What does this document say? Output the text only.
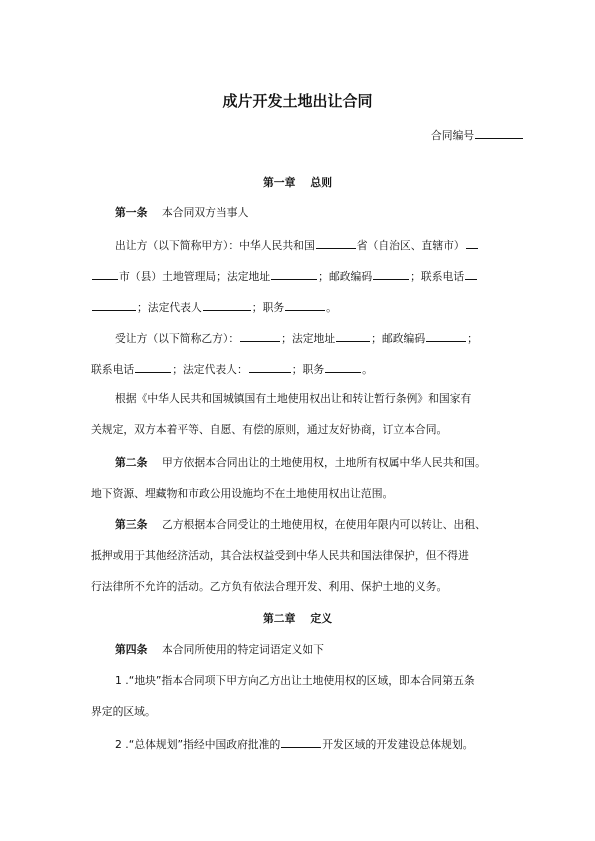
成片开发土地出让合同
合同编号
第一章 总则
第一条 本合同双方当事人
出让方（以下简称甲方）：中华人民共和国	省（自治区、直辖市）
市（县）土地管理局；法定地址	；邮政编码	；联系电话
；法定代表人	；职务	。
受让方（以下简称乙方）：	；法定地址	；邮政编码	；
联系电话	；法定代表人：	；职务	。
根据《中华人民共和国城镇国有土地使用权出让和转让暂行条例》和国家有
关规定，双方本着平等、自愿、有偿的原则，通过友好协商，订立本合同。
第二条 甲方依据本合同出让的土地使用权，土地所有权属中华人民共和国。
地下资源、埋藏物和市政公用设施均不在土地使用权出让范围。
第三条 乙方根据本合同受让的土地使用权，在使用年限内可以转让、出租、
抵押或用于其他经济活动，其合法权益受到中华人民共和国法律保护，但不得进
行法律所不允许的活动。乙方负有依法合理开发、利用、保护土地的义务。
第二章 定义
第四条 本合同所使用的特定词语定义如下
1 .“地块”指本合同项下甲方向乙方出让土地使用权的区域，即本合同第五条
界定的区域。
2 .“总体规划”指经中国政府批准的	开发区域的开发建设总体规划。
